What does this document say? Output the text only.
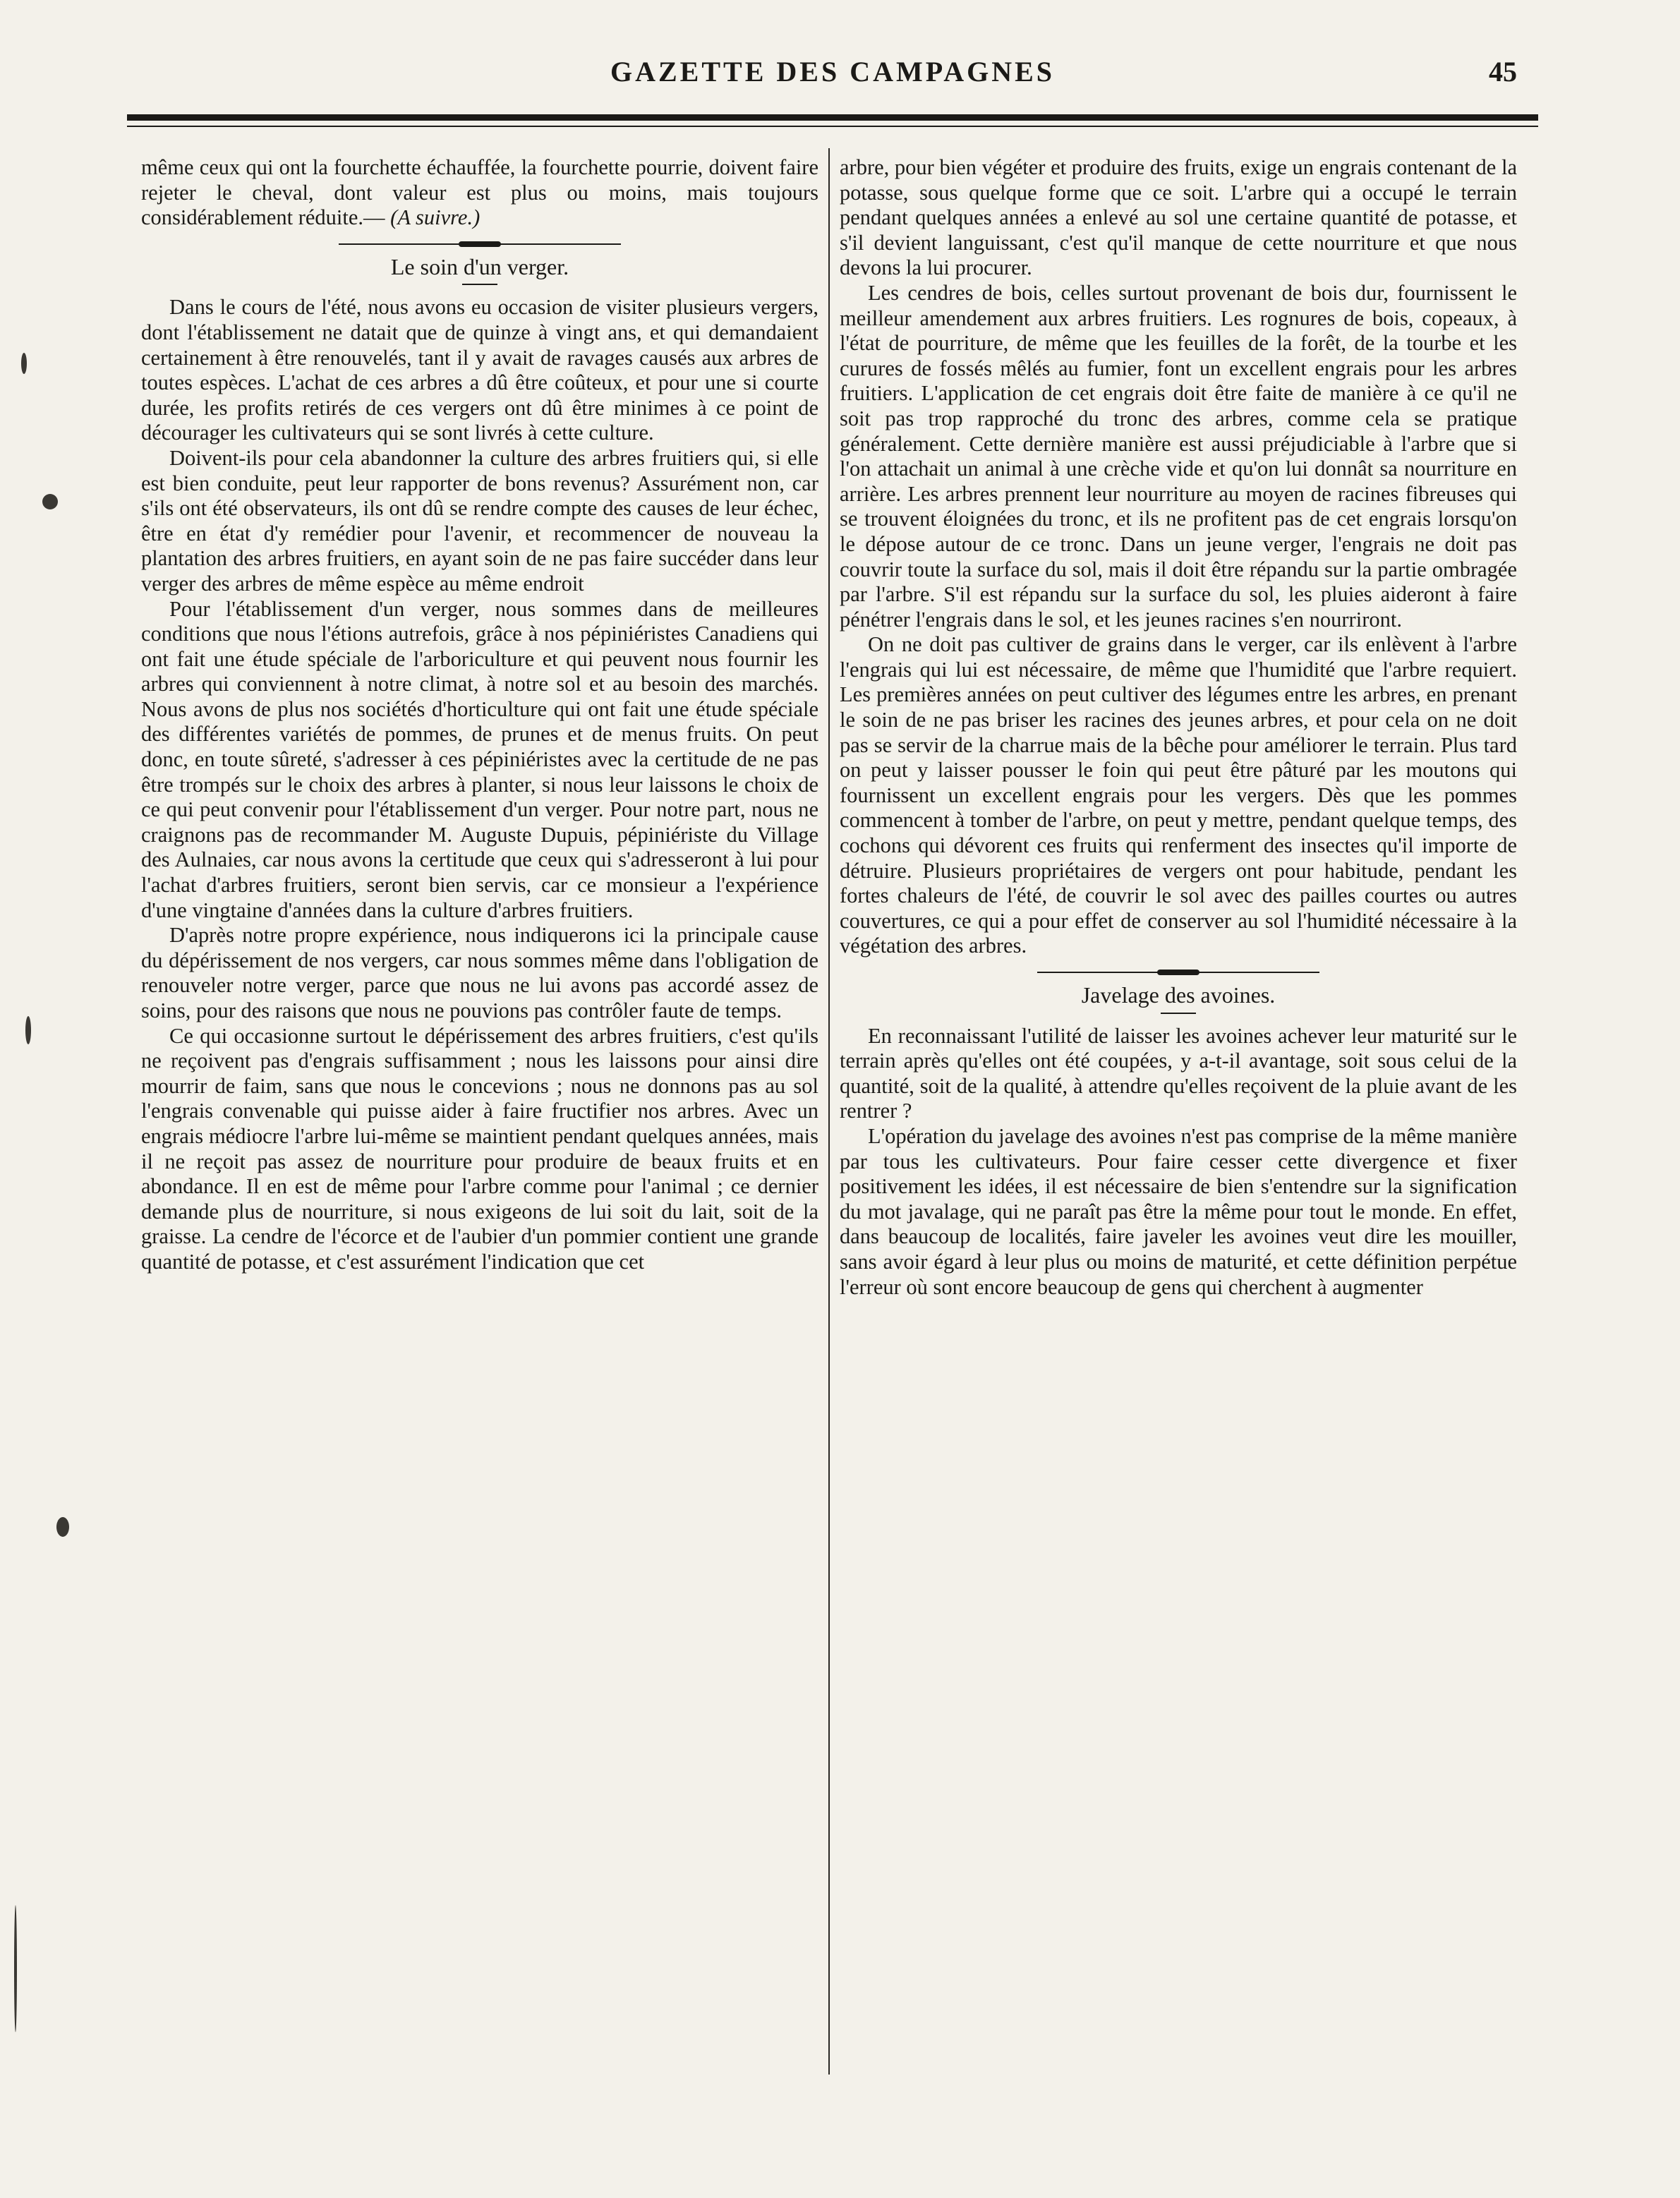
GAZETTE DES CAMPAGNES	45

même ceux qui ont la fourchette échauffée, la fourchette pourrie, doivent faire rejeter le cheval, dont valeur est plus ou moins, mais toujours considérablement réduite.— (A suivre.)

Le soin d'un verger.

Dans le cours de l'été, nous avons eu occasion de visiter plusieurs vergers, dont l'établissement ne datait que de quinze à vingt ans, et qui demandaient certainement à être renouvelés, tant il y avait de ravages causés aux arbres de toutes espèces. L'achat de ces arbres a dû être coûteux, et pour une si courte durée, les profits retirés de ces vergers ont dû être minimes à ce point de décourager les cultivateurs qui se sont livrés à cette culture.

Doivent-ils pour cela abandonner la culture des arbres fruitiers qui, si elle est bien conduite, peut leur rapporter de bons revenus? Assurément non, car s'ils ont été observateurs, ils ont dû se rendre compte des causes de leur échec, être en état d'y remédier pour l'avenir, et recommencer de nouveau la plantation des arbres fruitiers, en ayant soin de ne pas faire succéder dans leur verger des arbres de même espèce au même endroit

Pour l'établissement d'un verger, nous sommes dans de meilleures conditions que nous l'étions autrefois, grâce à nos pépiniéristes Canadiens qui ont fait une étude spéciale de l'arboriculture et qui peuvent nous fournir les arbres qui conviennent à notre climat, à notre sol et au besoin des marchés. Nous avons de plus nos sociétés d'horticulture qui ont fait une étude spéciale des différentes variétés de pommes, de prunes et de menus fruits. On peut donc, en toute sûreté, s'adresser à ces pépiniéristes avec la certitude de ne pas être trompés sur le choix des arbres à planter, si nous leur laissons le choix de ce qui peut convenir pour l'établissement d'un verger. Pour notre part, nous ne craignons pas de recommander M. Auguste Dupuis, pépiniériste du Village des Aulnaies, car nous avons la certitude que ceux qui s'adresseront à lui pour l'achat d'arbres fruitiers, seront bien servis, car ce monsieur a l'expérience d'une vingtaine d'années dans la culture d'arbres fruitiers.

D'après notre propre expérience, nous indiquerons ici la principale cause du dépérissement de nos vergers, car nous sommes même dans l'obligation de renouveler notre verger, parce que nous ne lui avons pas accordé assez de soins, pour des raisons que nous ne pouvions pas contrôler faute de temps.

Ce qui occasionne surtout le dépérissement des arbres fruitiers, c'est qu'ils ne reçoivent pas d'engrais suffisamment ; nous les laissons pour ainsi dire mourrir de faim, sans que nous le concevions ; nous ne donnons pas au sol l'engrais convenable qui puisse aider à faire fructifier nos arbres. Avec un engrais médiocre l'arbre lui-même se maintient pendant quelques années, mais il ne reçoit pas assez de nourriture pour produire de beaux fruits et en abondance. Il en est de même pour l'arbre comme pour l'animal ; ce dernier demande plus de nourriture, si nous exigeons de lui soit du lait, soit de la graisse. La cendre de l'écorce et de l'aubier d'un pommier contient une grande quantité de potasse, et c'est assurément l'indication que cet

arbre, pour bien végéter et produire des fruits, exige un engrais contenant de la potasse, sous quelque forme que ce soit. L'arbre qui a occupé le terrain pendant quelques années a enlevé au sol une certaine quantité de potasse, et s'il devient languissant, c'est qu'il manque de cette nourriture et que nous devons la lui procurer.

Les cendres de bois, celles surtout provenant de bois dur, fournissent le meilleur amendement aux arbres fruitiers. Les rognures de bois, copeaux, à l'état de pourriture, de même que les feuilles de la forêt, de la tourbe et les curures de fossés mêlés au fumier, font un excellent engrais pour les arbres fruitiers. L'application de cet engrais doit être faite de manière à ce qu'il ne soit pas trop rapproché du tronc des arbres, comme cela se pratique généralement. Cette dernière manière est aussi préjudiciable à l'arbre que si l'on attachait un animal à une crèche vide et qu'on lui donnât sa nourriture en arrière. Les arbres prennent leur nourriture au moyen de racines fibreuses qui se trouvent éloignées du tronc, et ils ne profitent pas de cet engrais lorsqu'on le dépose autour de ce tronc. Dans un jeune verger, l'engrais ne doit pas couvrir toute la surface du sol, mais il doit être répandu sur la partie ombragée par l'arbre. S'il est répandu sur la surface du sol, les pluies aideront à faire pénétrer l'engrais dans le sol, et les jeunes racines s'en nourriront.

On ne doit pas cultiver de grains dans le verger, car ils enlèvent à l'arbre l'engrais qui lui est nécessaire, de même que l'humidité que l'arbre requiert. Les premières années on peut cultiver des légumes entre les arbres, en prenant le soin de ne pas briser les racines des jeunes arbres, et pour cela on ne doit pas se servir de la charrue mais de la bêche pour améliorer le terrain. Plus tard on peut y laisser pousser le foin qui peut être pâturé par les moutons qui fournissent un excellent engrais pour les vergers. Dès que les pommes commencent à tomber de l'arbre, on peut y mettre, pendant quelque temps, des cochons qui dévorent ces fruits qui renferment des insectes qu'il importe de détruire. Plusieurs propriétaires de vergers ont pour habitude, pendant les fortes chaleurs de l'été, de couvrir le sol avec des pailles courtes ou autres couvertures, ce qui a pour effet de conserver au sol l'humidité nécessaire à la végétation des arbres.

Javelage des avoines.

En reconnaissant l'utilité de laisser les avoines achever leur maturité sur le terrain après qu'elles ont été coupées, y a-t-il avantage, soit sous celui de la quantité, soit de la qualité, à attendre qu'elles reçoivent de la pluie avant de les rentrer ?

L'opération du javelage des avoines n'est pas comprise de la même manière par tous les cultivateurs. Pour faire cesser cette divergence et fixer positivement les idées, il est nécessaire de bien s'entendre sur la signification du mot javalage, qui ne paraît pas être la même pour tout le monde. En effet, dans beaucoup de localités, faire javeler les avoines veut dire les mouiller, sans avoir égard à leur plus ou moins de maturité, et cette définition perpétue l'erreur où sont encore beaucoup de gens qui cherchent à augmenter
